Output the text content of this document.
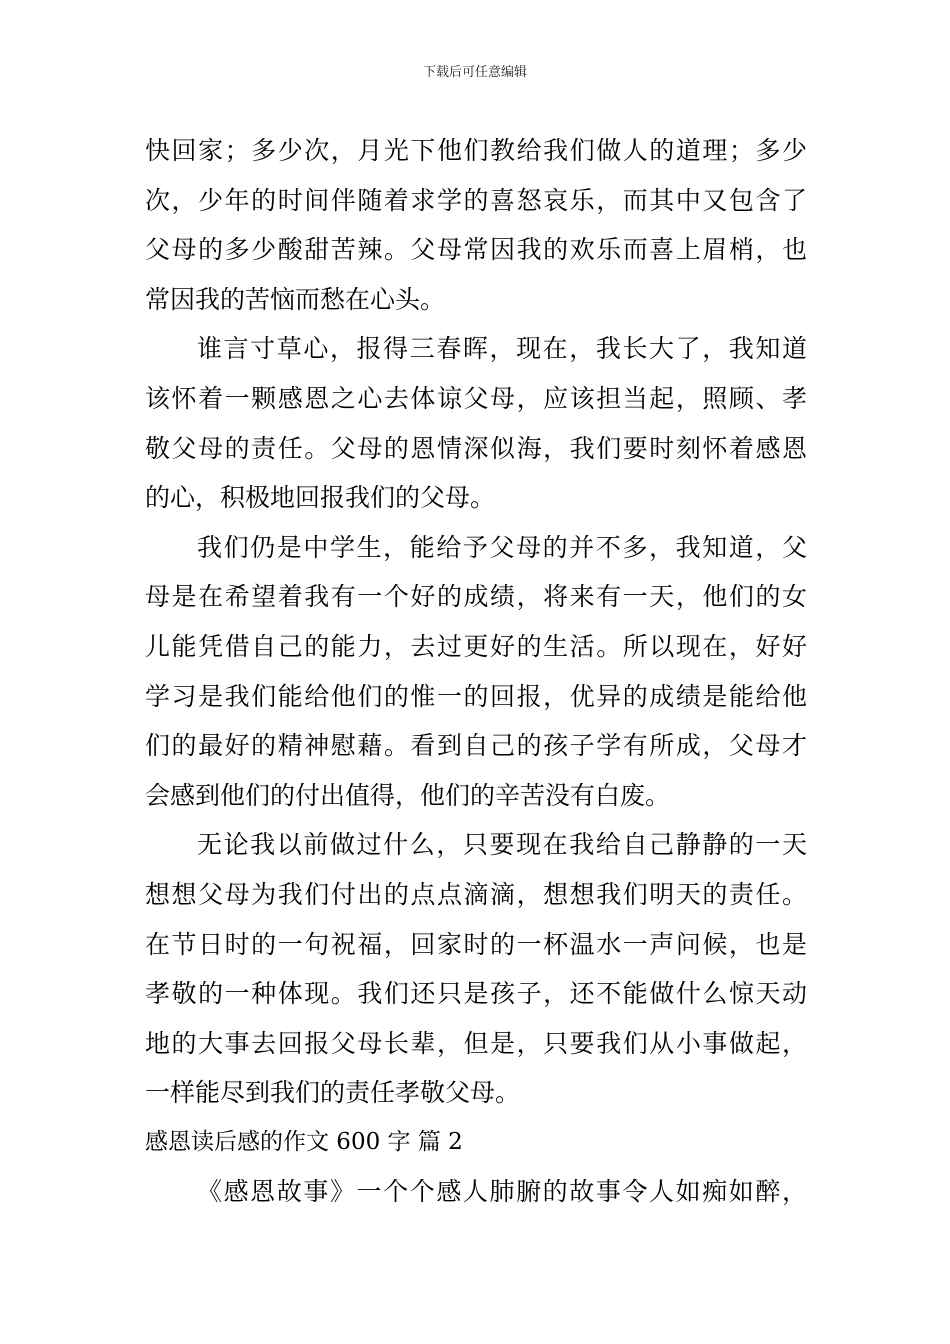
下载后可任意编辑
快回家；多少次，月光下他们教给我们做人的道理；多少
次，少年的时间伴随着求学的喜怒哀乐，而其中又包含了
父母的多少酸甜苦辣。父母常因我的欢乐而喜上眉梢，也
常因我的苦恼而愁在心头。
谁言寸草心，报得三春晖，现在，我长大了，我知道
该怀着一颗感恩之心去体谅父母，应该担当起，照顾、孝
敬父母的责任。父母的恩情深似海，我们要时刻怀着感恩
的心，积极地回报我们的父母。
我们仍是中学生，能给予父母的并不多，我知道，父
母是在希望着我有一个好的成绩，将来有一天，他们的女
儿能凭借自己的能力，去过更好的生活。所以现在，好好
学习是我们能给他们的惟一的回报，优异的成绩是能给他
们的最好的精神慰藉。看到自己的孩子学有所成，父母才
会感到他们的付出值得，他们的辛苦没有白废。
无论我以前做过什么，只要现在我给自己静静的一天
想想父母为我们付出的点点滴滴，想想我们明天的责任。
在节日时的一句祝福，回家时的一杯温水一声问候，也是
孝敬的一种体现。我们还只是孩子，还不能做什么惊天动
地的大事去回报父母长辈，但是，只要我们从小事做起，
一样能尽到我们的责任孝敬父母。
感恩读后感的作文 600 字 篇 2
《感恩故事》一个个感人肺腑的故事令人如痴如醉，
